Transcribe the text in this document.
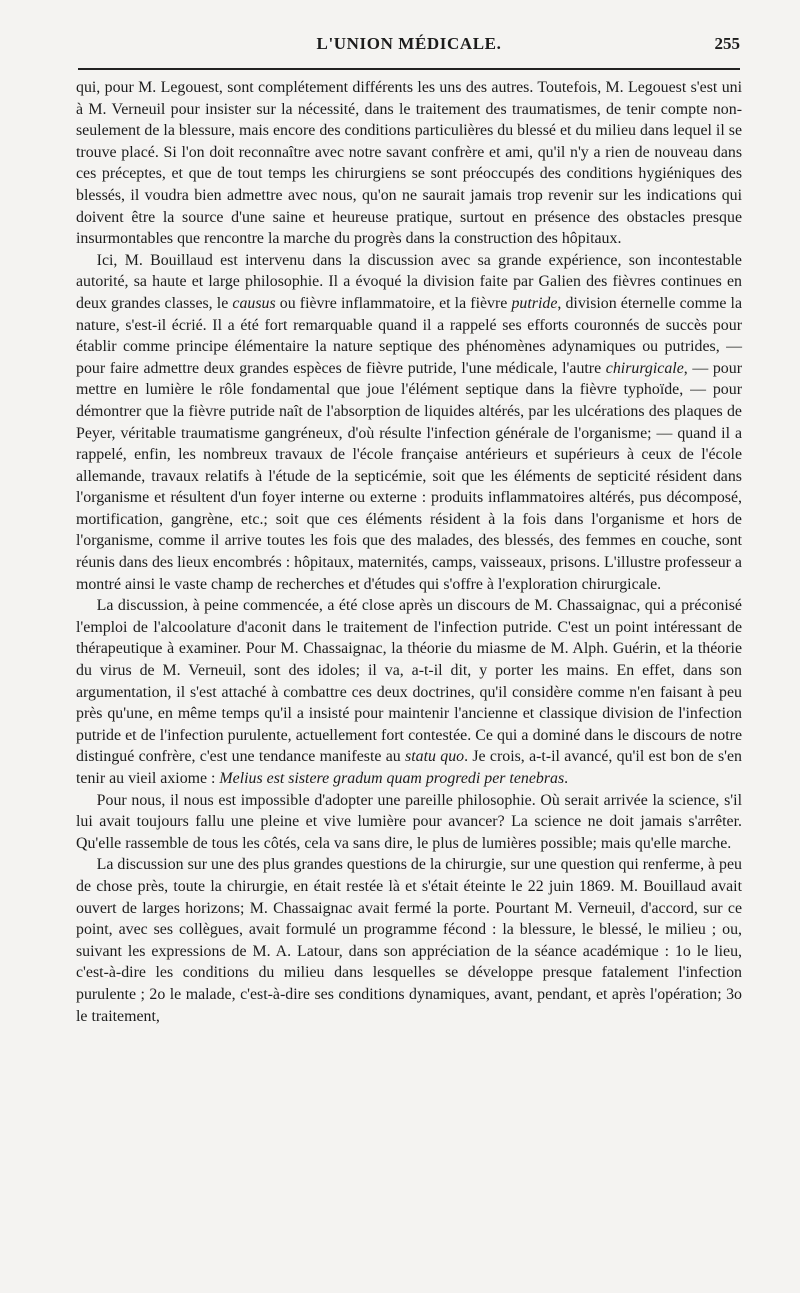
L'UNION MÉDICALE.	255

qui, pour M. Legouest, sont complétement différents les uns des autres. Toutefois, M. Legouest s'est uni à M. Verneuil pour insister sur la nécessité, dans le traitement des traumatismes, de tenir compte non-seulement de la blessure, mais encore des conditions particulières du blessé et du milieu dans lequel il se trouve placé. Si l'on doit reconnaître avec notre savant confrère et ami, qu'il n'y a rien de nouveau dans ces préceptes, et que de tout temps les chirurgiens se sont préoccupés des conditions hygiéniques des blessés, il voudra bien admettre avec nous, qu'on ne saurait jamais trop revenir sur les indications qui doivent être la source d'une saine et heureuse pratique, surtout en présence des obstacles presque insurmontables que rencontre la marche du progrès dans la construction des hôpitaux.

Ici, M. Bouillaud est intervenu dans la discussion avec sa grande expérience, son incontestable autorité, sa haute et large philosophie. Il a évoqué la division faite par Galien des fièvres continues en deux grandes classes, le causus ou fièvre inflammatoire, et la fièvre putride, division éternelle comme la nature, s'est-il écrié. Il a été fort remarquable quand il a rappelé ses efforts couronnés de succès pour établir comme principe élémentaire la nature septique des phénomènes adynamiques ou putrides, — pour faire admettre deux grandes espèces de fièvre putride, l'une médicale, l'autre chirurgicale, — pour mettre en lumière le rôle fondamental que joue l'élément septique dans la fièvre typhoïde, — pour démontrer que la fièvre putride naît de l'absorption de liquides altérés, par les ulcérations des plaques de Peyer, véritable traumatisme gangréneux, d'où résulte l'infection générale de l'organisme; — quand il a rappelé, enfin, les nombreux travaux de l'école française antérieurs et supérieurs à ceux de l'école allemande, travaux relatifs à l'étude de la septicémie, soit que les éléments de septicité résident dans l'organisme et résultent d'un foyer interne ou externe : produits inflammatoires altérés, pus décomposé, mortification, gangrène, etc.; soit que ces éléments résident à la fois dans l'organisme et hors de l'organisme, comme il arrive toutes les fois que des malades, des blessés, des femmes en couche, sont réunis dans des lieux encombrés : hôpitaux, maternités, camps, vaisseaux, prisons. L'illustre professeur a montré ainsi le vaste champ de recherches et d'études qui s'offre à l'exploration chirurgicale.

La discussion, à peine commencée, a été close après un discours de M. Chassaignac, qui a préconisé l'emploi de l'alcoolature d'aconit dans le traitement de l'infection putride. C'est un point intéressant de thérapeutique à examiner. Pour M. Chassaignac, la théorie du miasme de M. Alph. Guérin, et la théorie du virus de M. Verneuil, sont des idoles; il va, a-t-il dit, y porter les mains. En effet, dans son argumentation, il s'est attaché à combattre ces deux doctrines, qu'il considère comme n'en faisant à peu près qu'une, en même temps qu'il a insisté pour maintenir l'ancienne et classique division de l'infection putride et de l'infection purulente, actuellement fort contestée. Ce qui a dominé dans le discours de notre distingué confrère, c'est une tendance manifeste au statu quo. Je crois, a-t-il avancé, qu'il est bon de s'en tenir au vieil axiome : Melius est sistere gradum quam progredi per tenebras.

Pour nous, il nous est impossible d'adopter une pareille philosophie. Où serait arrivée la science, s'il lui avait toujours fallu une pleine et vive lumière pour avancer? La science ne doit jamais s'arrêter. Qu'elle rassemble de tous les côtés, cela va sans dire, le plus de lumières possible; mais qu'elle marche.

La discussion sur une des plus grandes questions de la chirurgie, sur une question qui renferme, à peu de chose près, toute la chirurgie, en était restée là et s'était éteinte le 22 juin 1869. M. Bouillaud avait ouvert de larges horizons; M. Chassaignac avait fermé la porte. Pourtant M. Verneuil, d'accord, sur ce point, avec ses collègues, avait formulé un programme fécond : la blessure, le blessé, le milieu ; ou, suivant les expressions de M. A. Latour, dans son appréciation de la séance académique : 1o le lieu, c'est-à-dire les conditions du milieu dans lesquelles se développe presque fatalement l'infection purulente ; 2o le malade, c'est-à-dire ses conditions dynamiques, avant, pendant, et après l'opération; 3o le traitement,
